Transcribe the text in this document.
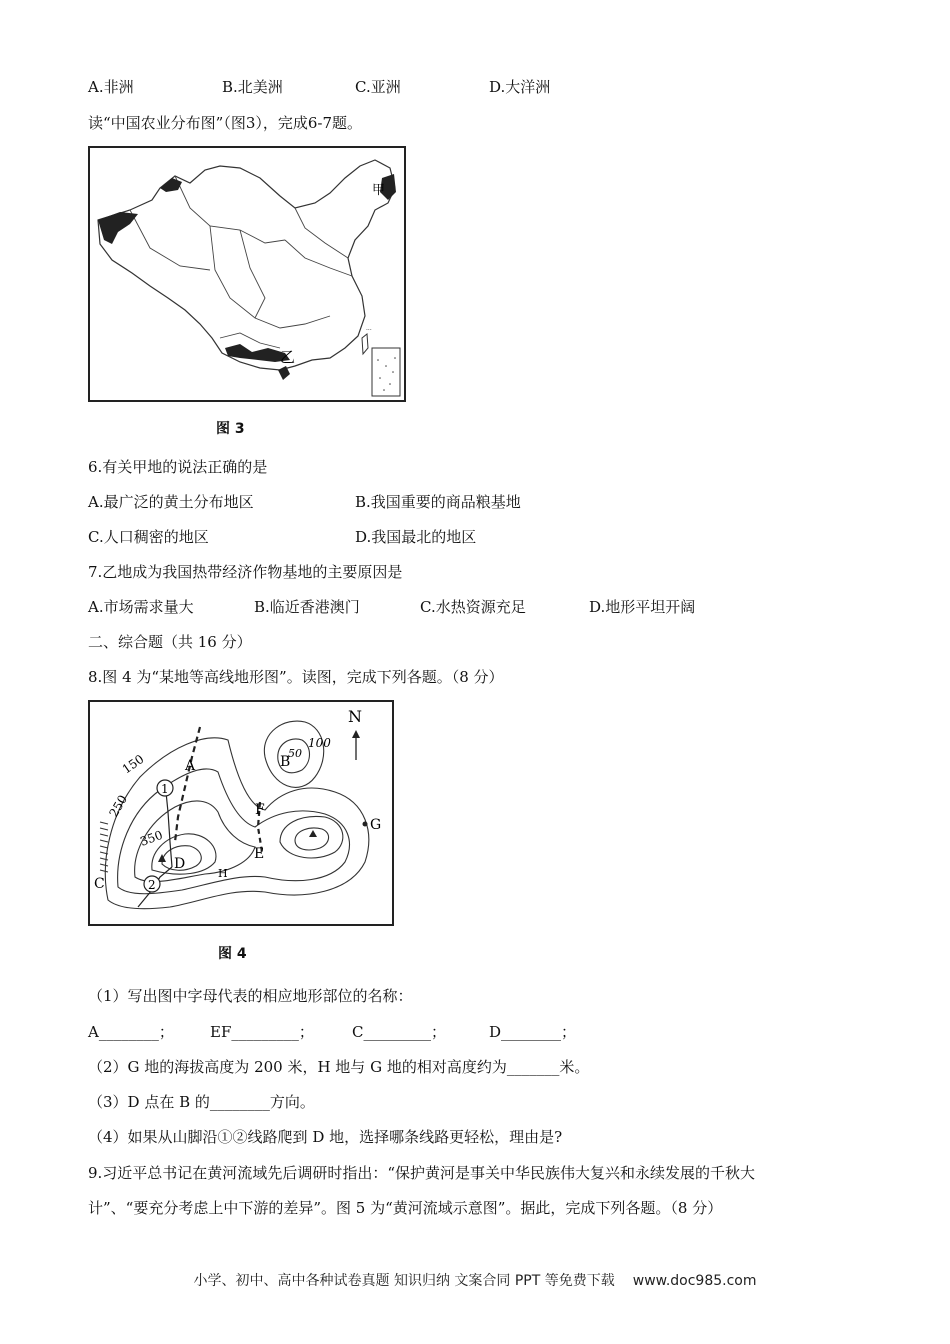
A.非洲	B.北美洲	C.亚洲	D.大洋洲
读“中国农业分布图”（图3），完成6-7题。
···
甲
乙
图 3
6.有关甲地的说法正确的是
A.最广泛的黄土分布地区	B.我国重要的商品粮基地
C.人口稠密的地区	D.我国最北的地区
7.乙地成为我国热带经济作物基地的主要原因是
A.市场需求量大	B.临近香港澳门	C.水热资源充足	D.地形平坦开阔
二、综合题（共 16 分）
8.图 4 为“某地等高线地形图”。读图，完成下列各题。（8 分）
N
150
250
350
100
50
A	B
C
D
E
F
G
H
1
2
图 4
（1）写出图中字母代表的相应地形部位的名称：
A________； EF_________；	C_________；	D________；
（2）G 地的海拔高度为 200 米，H 地与 G 地的相对高度约为_______米。
（3）D 点在 B 的________方向。
（4）如果从山脚沿①②线路爬到 D 地，选择哪条线路更轻松，理由是?
9.习近平总书记在黄河流域先后调研时指出：“保护黄河是事关中华民族伟大复兴和永续发展的千秋大
计”、“要充分考虑上中下游的差异”。图 5 为“黄河流域示意图”。据此，完成下列各题。（8 分）
小学、初中、高中各种试卷真题 知识归纳 文案合同 PPT 等免费下载 www.doc985.com
